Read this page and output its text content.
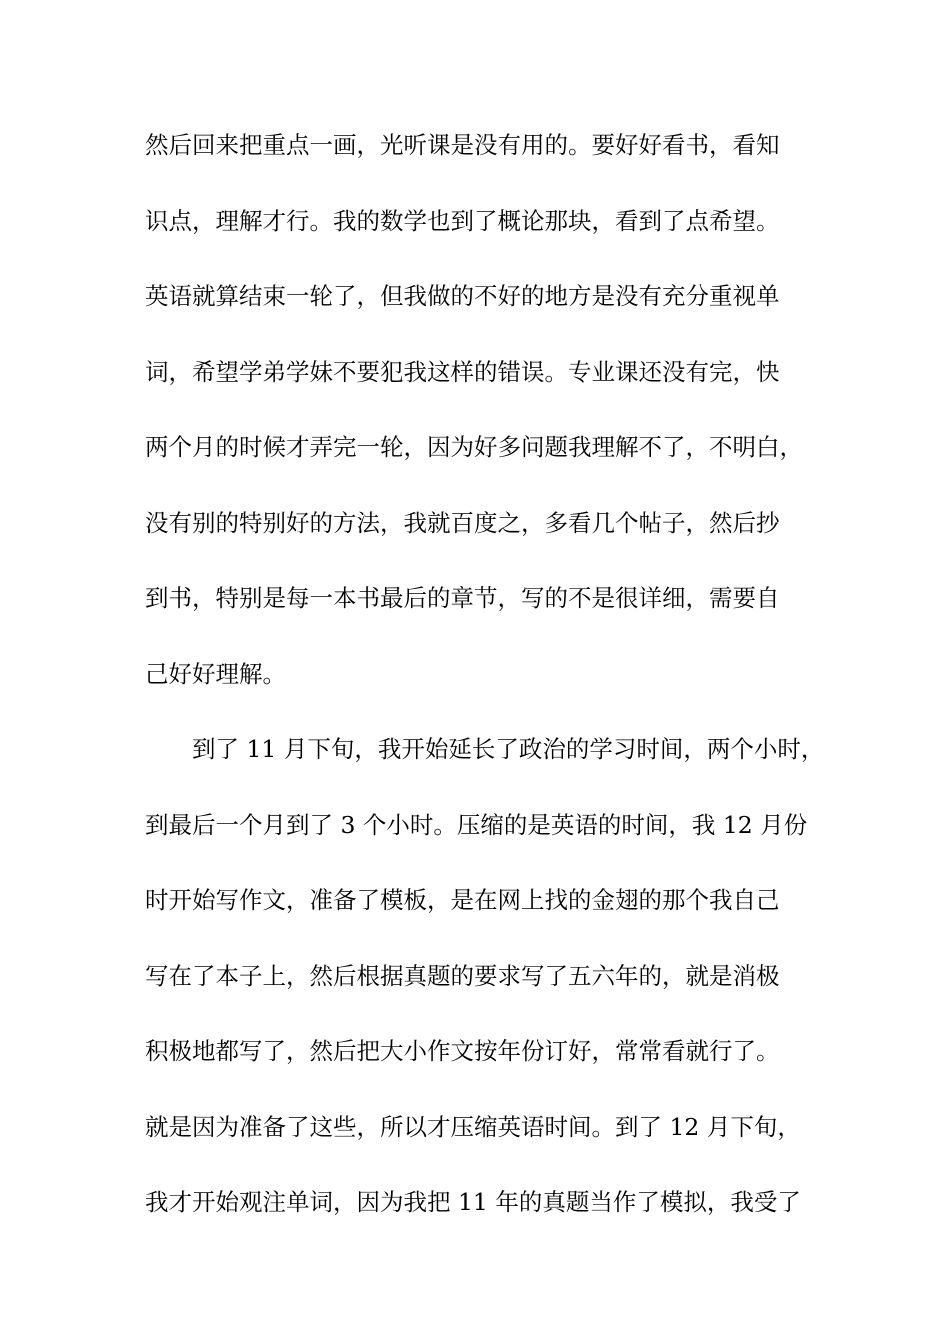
然后回来把重点一画，光听课是没有用的。要好好看书，看知
识点，理解才行。我的数学也到了概论那块，看到了点希望。
英语就算结束一轮了，但我做的不好的地方是没有充分重视单
词，希望学弟学妹不要犯我这样的错误。专业课还没有完，快
两个月的时候才弄完一轮，因为好多问题我理解不了，不明白，
没有别的特别好的方法，我就百度之，多看几个帖子，然后抄
到书，特别是每一本书最后的章节，写的不是很详细，需要自
己好好理解。
　　到了 11 月下旬，我开始延长了政治的学习时间，两个小时，
到最后一个月到了 3 个小时。压缩的是英语的时间，我 12 月份
时开始写作文，准备了模板，是在网上找的金翅的那个我自己
写在了本子上，然后根据真题的要求写了五六年的，就是消极
积极地都写了，然后把大小作文按年份订好，常常看就行了。
就是因为准备了这些，所以才压缩英语时间。到了 12 月下旬，
我才开始观注单词，因为我把 11 年的真题当作了模拟，我受了
